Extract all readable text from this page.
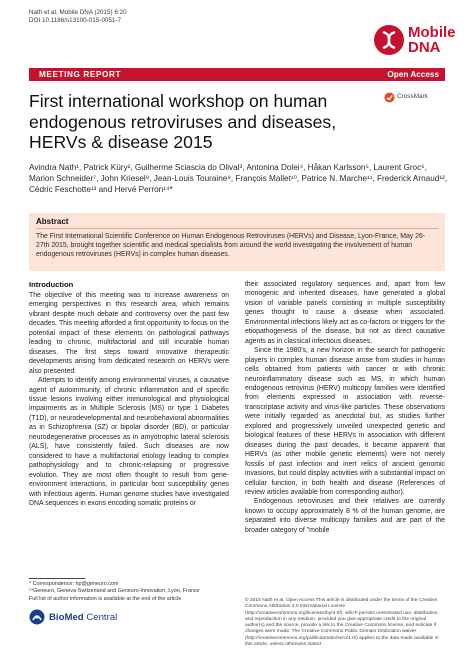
Nath et al. Mobile DNA (2015) 6:20
DOI 10.1186/s13100-015-0051-7
Mobile
DNA
MEETING REPORT	Open Access
CrossMark
First international workshop on human endogenous retroviruses and diseases, HERVs & disease 2015
Avindra Nath¹, Patrick Küry², Guilherme Sciascia do Olival³, Antonina Dolei⁴, Håkan Karlsson⁵, Laurent Groc⁶, Marion Schneider⁷, John Kriesel⁸, Jean-Louis Touraine⁹, François Mallet¹⁰, Patrice N. Marche¹¹, Frederick Arnaud¹², Cédric Feschotte¹³ and Hervé Perron¹⁴*
Abstract
The First International Scientific Conference on Human Endogenous Retroviruses (HERVs) and Disease, Lyon-France, May 26-27th 2015, brought together scientific and medical specialists from around the world investigating the involvement of human endogenous retroviruses (HERVs) in complex human diseases.
Introduction

The objective of this meeting was to increase awareness on emerging perspectives in this research area, which remains vibrant despite much debate and controversy over the past few decades. This meeting afforded a first opportunity to focus on the potential impact of these elements on pathological pathways leading to chronic, multifactorial and still incurable human diseases. The first steps toward innovative therapeutic developments arising from dedicated research on HERVs were also presented.

Attempts to identify among environmental viruses, a causative agent of autoimmunity, of chronic inflammation and of specific tissue lesions involving either immunological and physiological impairments as in Multiple Sclerosis (MS) or type 1 Diabetes (T1D), or neurodevelopmental and neurobehavioral abnormalities as in Schizophrenia (SZ) or bipolar disorder (BD), or particular neurodegenerative processes as in amyotrophic lateral sclerosis (ALS), have consistently failed. Such diseases are now considered to have a multifactorial etiology leading to complex pathophysiology and to chronic-relapsing or progressive evolution. They are most often thought to result from gene-environment interactions, in particular host susceptibility genes with infectious agents. Human genome studies have investigated DNA sequences in exons encoding somatic proteins or

their associated regulatory sequences and, apart from few monogenic and inherited diseases, have generated a global vision of variable panels consisting in multiple susceptibility genes thought to cause a disease when associated. Environmental infections likely act as co-factors or triggers for the etiopathogenesis of the disease, but not as direct causative agents as in classical infectious diseases.

Since the 1980's, a new horizon in the search for pathogenic players in complex human disease arose from studies in human cells obtained from patients with cancer or with chronic neuroinflammatory disease such as MS, in which human endogenous retrovirus (HERV) multicopy families were identified from elements expressed in association with reverse-transcriptase activity and virus-like particles. These observations were initially regarded as anecdotal but, as studies further explored and progressively unveiled unexpected genetic and biological features of these HERVs in association with different diseases during the past decades, it became apparent that HERVs (as other mobile genetic elements) were not merely fossils of past infection and inert relics of ancient genomic invasions, but could display activities with a substantial impact on cellular function, in both health and disease (References of review articles available from corresponding author).

Endogenous retroviruses and their relatives are currently known to occupy approximately 8 % of the human genome, are separated into diverse multicopy families and are part of the broader category of "mobile

* Correspondence: hp@geneuro.com
¹⁴Geneuro, Geneva-Switzerland and Geneuro-Innovation, Lyon, France
Full list of author information is available at the end of the article
BioMed Central
© 2015 Nath et al. Open Access This article is distributed under the terms of the Creative Commons Attribution 4.0 International License (http://creativecommons.org/licenses/by/4.0/), which permits unrestricted use, distribution, and reproduction in any medium, provided you give appropriate credit to the original author(s) and the source, provide a link to the Creative Commons license, and indicate if changes were made. The Creative Commons Public Domain Dedication waiver (http://creativecommons.org/publicdomain/zero/1.0/) applies to the data made available in this article, unless otherwise stated.
